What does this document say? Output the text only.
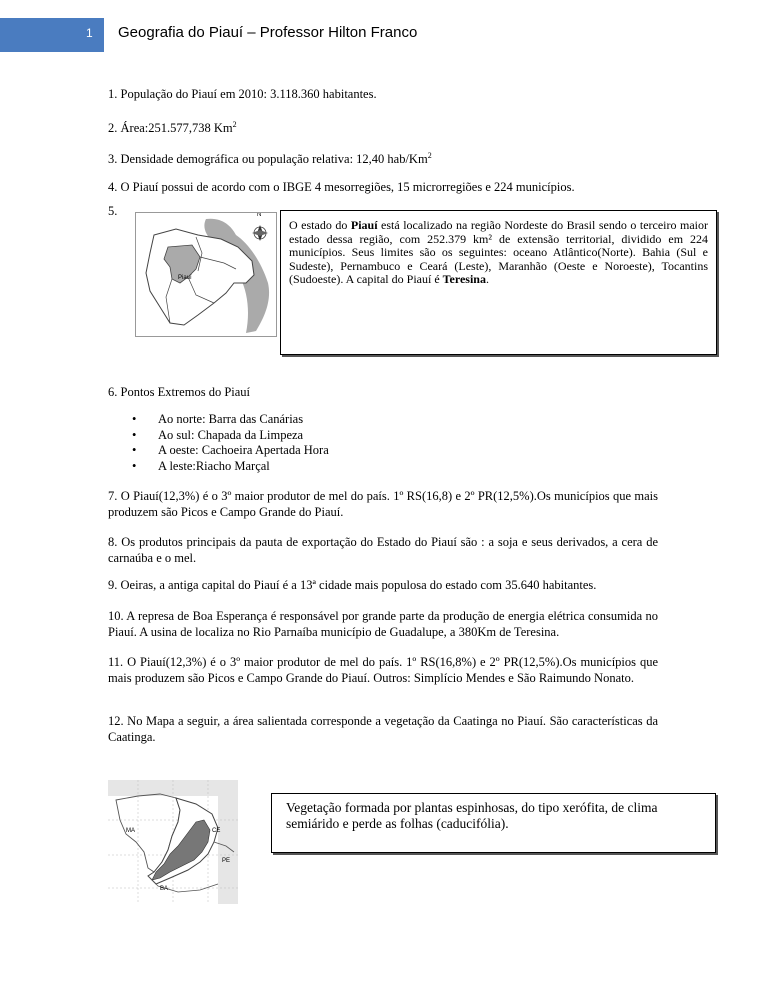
1 Geografia do Piauí – Professor Hilton Franco
1. População do Piauí em 2010: 3.118.360 habitantes.
2. Área:251.577,738 Km$^2$
3. Densidade demográfica ou população relativa: 12,40 hab/Km$^2$
4. O Piauí possui de acordo com o IBGE 4 mesorregiões, 15 microrregiões e 224 municípios.
5.	N
Piauí
O estado do Piauí está localizado na região Nordeste do Brasil sendo o terceiro maior estado dessa região, com 252.379 km² de extensão territorial, dividido em 224 municípios. Seus limites são os seguintes: oceano Atlântico(Norte). Bahia (Sul e Sudeste), Pernambuco e Ceará (Leste), Maranhão (Oeste e Noroeste), Tocantins (Sudoeste). A capital do Piauí é Teresina.
6. Pontos Extremos do Piauí
• Ao norte: Barra das Canárias
• Ao sul: Chapada da Limpeza
• A oeste: Cachoeira Apertada Hora
• A leste:Riacho Marçal
7. O Piauí(12,3%) é o 3º maior produtor de mel do país. 1º RS(16,8) e 2º PR(12,5%).Os municípios que mais produzem são Picos e Campo Grande do Piauí.
8. Os produtos principais da pauta de exportação do Estado do Piauí são : a soja e seus derivados, a cera de carnaúba e o mel.
9. Oeiras, a antiga capital do Piauí é a 13ª cidade mais populosa do estado com 35.640 habitantes.
10. A represa de Boa Esperança é responsável por grande parte da produção de energia elétrica consumida no Piauí. A usina de localiza no Rio Parnaíba município de Guadalupe, a 380Km de Teresina.
11. O Piauí(12,3%) é o 3º maior produtor de mel do país. 1º RS(16,8%) e 2º PR(12,5%).Os municípios que mais produzem são Picos e Campo Grande do Piauí. Outros: Simplício Mendes e São Raimundo Nonato.
12. No Mapa a seguir, a área salientada corresponde a vegetação da Caatinga no Piauí. São características da Caatinga.
MA	CE
PE
BA
Vegetação formada por plantas espinhosas, do tipo xerófita, de clima semiárido e perde as folhas (caducifólia).
